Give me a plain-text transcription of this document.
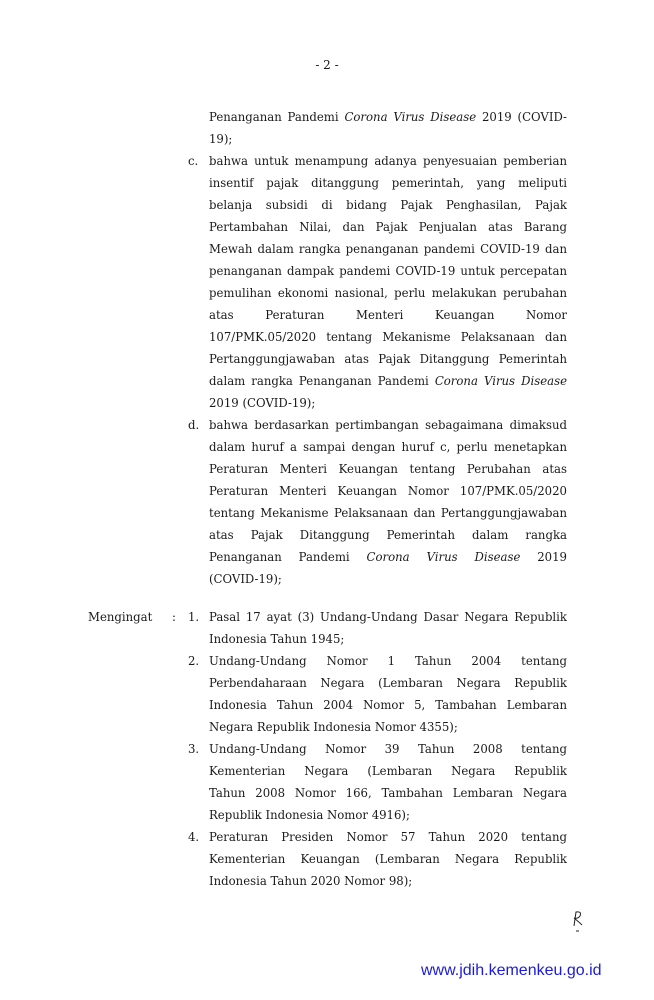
- 2 -
Penanganan Pandemi Corona Virus Disease 2019 (COVID-
19);
c. bahwa untuk menampung adanya penyesuaian pemberian
insentif pajak ditanggung pemerintah, yang meliputi
belanja subsidi di bidang Pajak Penghasilan, Pajak
Pertambahan Nilai, dan Pajak Penjualan atas Barang
Mewah dalam rangka penanganan pandemi COVID-19 dan
penanganan dampak pandemi COVID-19 untuk percepatan
pemulihan ekonomi nasional, perlu melakukan perubahan
atas Peraturan Menteri Keuangan Nomor
107/PMK.05/2020 tentang Mekanisme Pelaksanaan dan
Pertanggungjawaban atas Pajak Ditanggung Pemerintah
dalam rangka Penanganan Pandemi Corona Virus Disease
2019 (COVID-19);
d. bahwa berdasarkan pertimbangan sebagaimana dimaksud
dalam huruf a sampai dengan huruf c, perlu menetapkan
Peraturan Menteri Keuangan tentang Perubahan atas
Peraturan Menteri Keuangan Nomor 107/PMK.05/2020
tentang Mekanisme Pelaksanaan dan Pertanggungjawaban
atas Pajak Ditanggung Pemerintah dalam rangka
Penanganan Pandemi Corona Virus Disease 2019
(COVID-19);
Mengingat : 1. Pasal 17 ayat (3) Undang-Undang Dasar Negara Republik
Indonesia Tahun 1945;
2. Undang-Undang Nomor 1 Tahun 2004 tentang
Perbendaharaan Negara (Lembaran Negara Republik
Indonesia Tahun 2004 Nomor 5, Tambahan Lembaran
Negara Republik Indonesia Nomor 4355);
3. Undang-Undang Nomor 39 Tahun 2008 tentang
Kementerian Negara (Lembaran Negara Republik
Tahun 2008 Nomor 166, Tambahan Lembaran Negara
Republik Indonesia Nomor 4916);
4. Peraturan Presiden Nomor 57 Tahun 2020 tentang
Kementerian Keuangan (Lembaran Negara Republik
Indonesia Tahun 2020 Nomor 98);
www.jdih.kemenkeu.go.id
